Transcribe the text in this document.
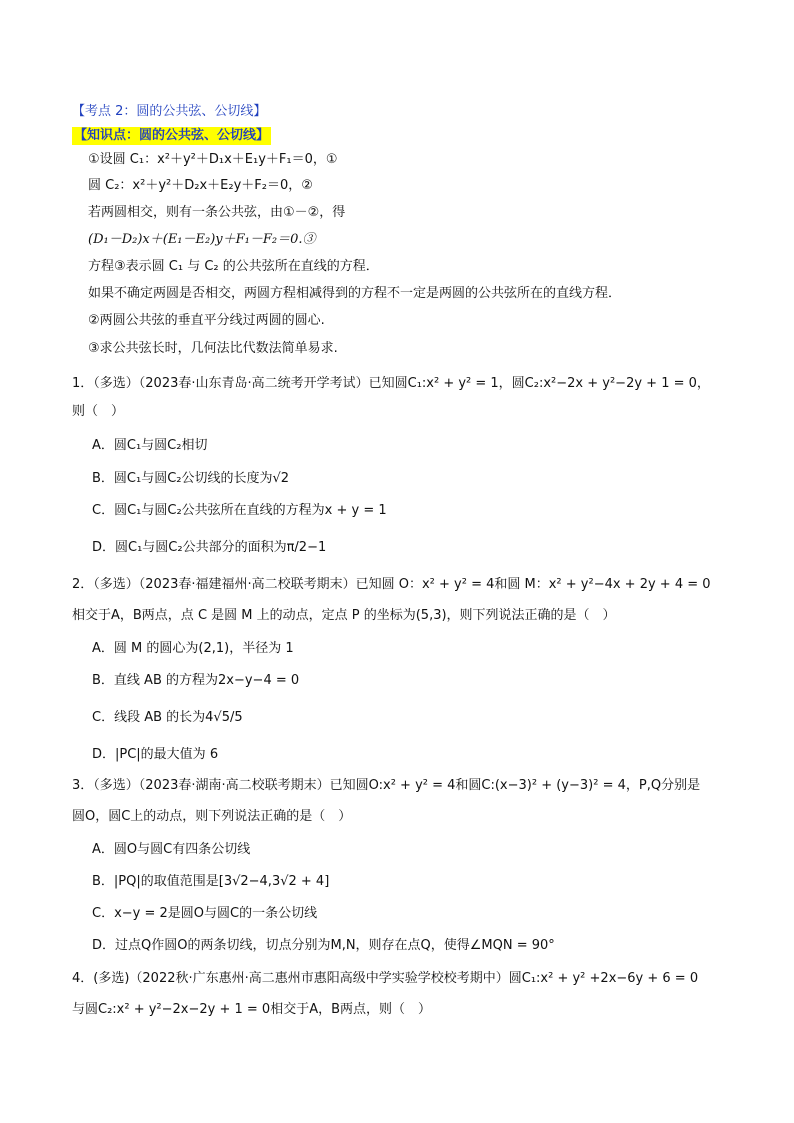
【考点 2：圆的公共弦、公切线】
【知识点：圆的公共弦、公切线】
①设圆 C₁：x²＋y²＋D₁x＋E₁y＋F₁＝0，①
圆 C₂：x²＋y²＋D₂x＋E₂y＋F₂＝0，②
若两圆相交，则有一条公共弦，由①－②，得
(D₁－D₂)x＋(E₁－E₂)y＋F₁－F₂＝0.③
方程③表示圆 C₁ 与 C₂ 的公共弦所在直线的方程．
如果不确定两圆是否相交，两圆方程相减得到的方程不一定是两圆的公共弦所在的直线方程．
②两圆公共弦的垂直平分线过两圆的圆心.
③求公共弦长时，几何法比代数法简单易求.
1．（多选）（2023春·山东青岛·高二统考开学考试）已知圆C₁:x² + y² = 1，圆C₂:x²−2x + y²−2y + 1 = 0，
则（　）
A．圆C₁与圆C₂相切
B．圆C₁与圆C₂公切线的长度为√2
C．圆C₁与圆C₂公共弦所在直线的方程为x + y = 1
D．圆C₁与圆C₂公共部分的面积为π/2−1
2．（多选）（2023春·福建福州·高二校联考期末）已知圆 O：x² + y² = 4和圆 M：x² + y²−4x + 2y + 4 = 0
相交于A，B两点，点 C 是圆 M 上的动点，定点 P 的坐标为(5,3)，则下列说法正确的是（　）
A．圆 M 的圆心为(2,1)，半径为 1
B．直线 AB 的方程为2x−y−4 = 0
C．线段 AB 的长为4√5/5
D．|PC|的最大值为 6
3．（多选）（2023春·湖南·高二校联考期末）已知圆O:x² + y² = 4和圆C:(x−3)² + (y−3)² = 4，P,Q分别是
圆O，圆C上的动点，则下列说法正确的是（　）
A．圆O与圆C有四条公切线
B．|PQ|的取值范围是[3√2−4,3√2 + 4]
C．x−y = 2是圆O与圆C的一条公切线
D．过点Q作圆O的两条切线，切点分别为M,N，则存在点Q，使得∠MQN = 90°
4．(多选)（2022秋·广东惠州·高二惠州市惠阳高级中学实验学校校考期中）圆C₁:x² + y² +2x−6y + 6 = 0
与圆C₂:x² + y²−2x−2y + 1 = 0相交于A，B两点，则（　）
